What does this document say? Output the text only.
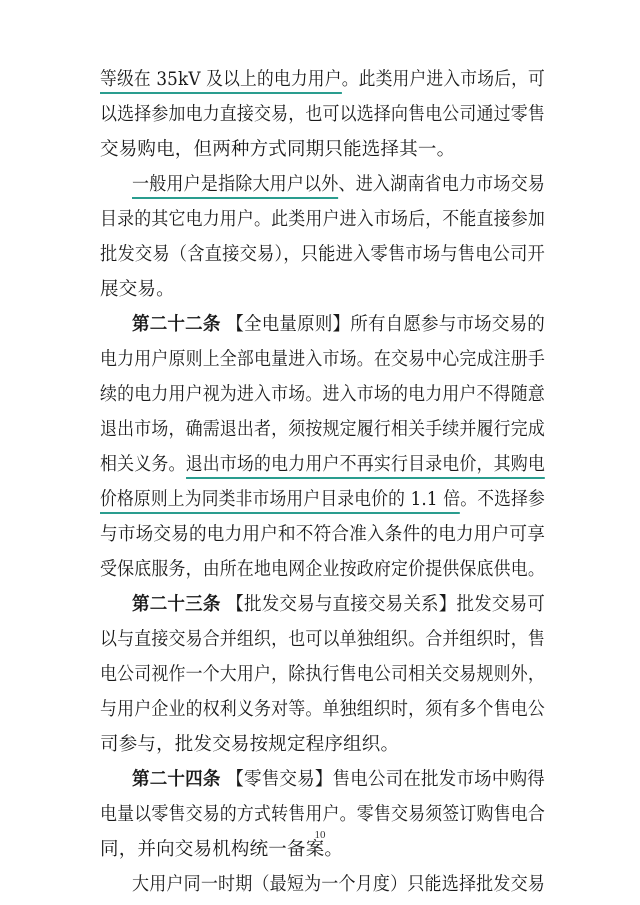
等级在 35kV 及以上的电力用户。此类用户进入市场后，可
以选择参加电力直接交易，也可以选择向售电公司通过零售
交易购电，但两种方式同期只能选择其一。
一般用户是指除大用户以外、进入湖南省电力市场交易
目录的其它电力用户。此类用户进入市场后，不能直接参加
批发交易（含直接交易），只能进入零售市场与售电公司开
展交易。
第二十二条 【全电量原则】所有自愿参与市场交易的
电力用户原则上全部电量进入市场。在交易中心完成注册手
续的电力用户视为进入市场。进入市场的电力用户不得随意
退出市场，确需退出者，须按规定履行相关手续并履行完成
相关义务。退出市场的电力用户不再实行目录电价，其购电
价格原则上为同类非市场用户目录电价的 1.1 倍。不选择参
与市场交易的电力用户和不符合准入条件的电力用户可享
受保底服务，由所在地电网企业按政府定价提供保底供电。
第二十三条 【批发交易与直接交易关系】批发交易可
以与直接交易合并组织，也可以单独组织。合并组织时，售
电公司视作一个大用户，除执行售电公司相关交易规则外，
与用户企业的权利义务对等。单独组织时，须有多个售电公
司参与，批发交易按规定程序组织。
第二十四条 【零售交易】售电公司在批发市场中购得
电量以零售交易的方式转售用户。零售交易须签订购售电合
同，并向交易机构统一备案。
大用户同一时期（最短为一个月度）只能选择批发交易
10
